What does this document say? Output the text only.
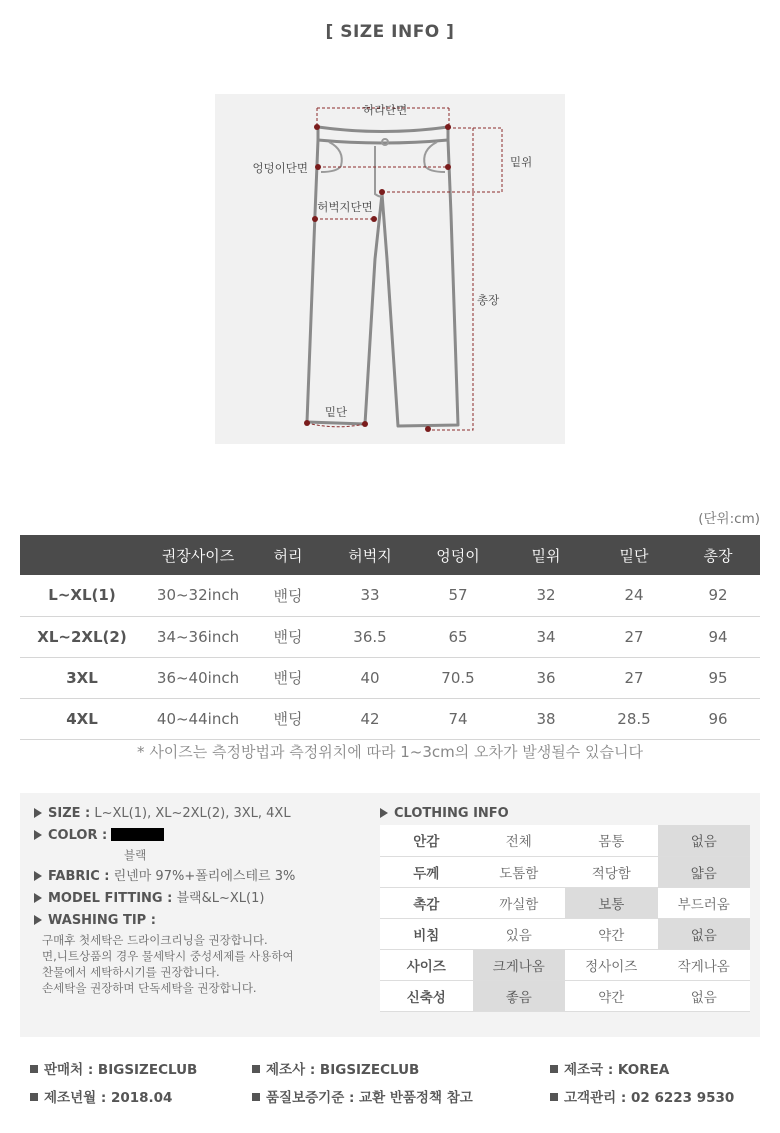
[ SIZE INFO ]
허리단면
엉덩이단면	밑위
허벅지단면
총장
밑단
(단위:cm)
	권장사이즈	허리	허벅지	엉덩이	밑위	밑단	총장
L~XL(1)	30~32inch	밴딩	33	57	32	24	92
XL~2XL(2)	34~36inch	밴딩	36.5	65	34	27	94
3XL	36~40inch	밴딩	40	70.5	36	27	95
4XL	40~44inch	밴딩	42	74	38	28.5	96
* 사이즈는 측정방법과 측정위치에 따라 1~3cm의 오차가 발생될수 있습니다
SIZE : L~XL(1), XL~2XL(2), 3XL, 4XL
COLOR :
블랙
FABRIC : 린넨마 97%+폴리에스테르 3%
MODEL FITTING : 블랙&L~XL(1)
WASHING TIP :
구매후 첫세탁은 드라이크리닝을 권장합니다.
면,니트상품의 경우 물세탁시 중성세제를 사용하여
찬물에서 세탁하시기를 권장합니다.
손세탁을 권장하며 단독세탁을 권장합니다.
CLOTHING INFO
안감	전체	몸통	없음
두께	도톰함	적당함	얇음
촉감	까실함	보통	부드러움
비침	있음	약간	없음
사이즈	크게나옴	정사이즈	작게나옴
신축성	좋음	약간	없음
판매처 : BIGSIZECLUB	제조사 : BIGSIZECLUB	제조국 : KOREA
제조년월 : 2018.04	품질보증기준 : 교환 반품정책 참고	고객관리 : 02 6223 9530
